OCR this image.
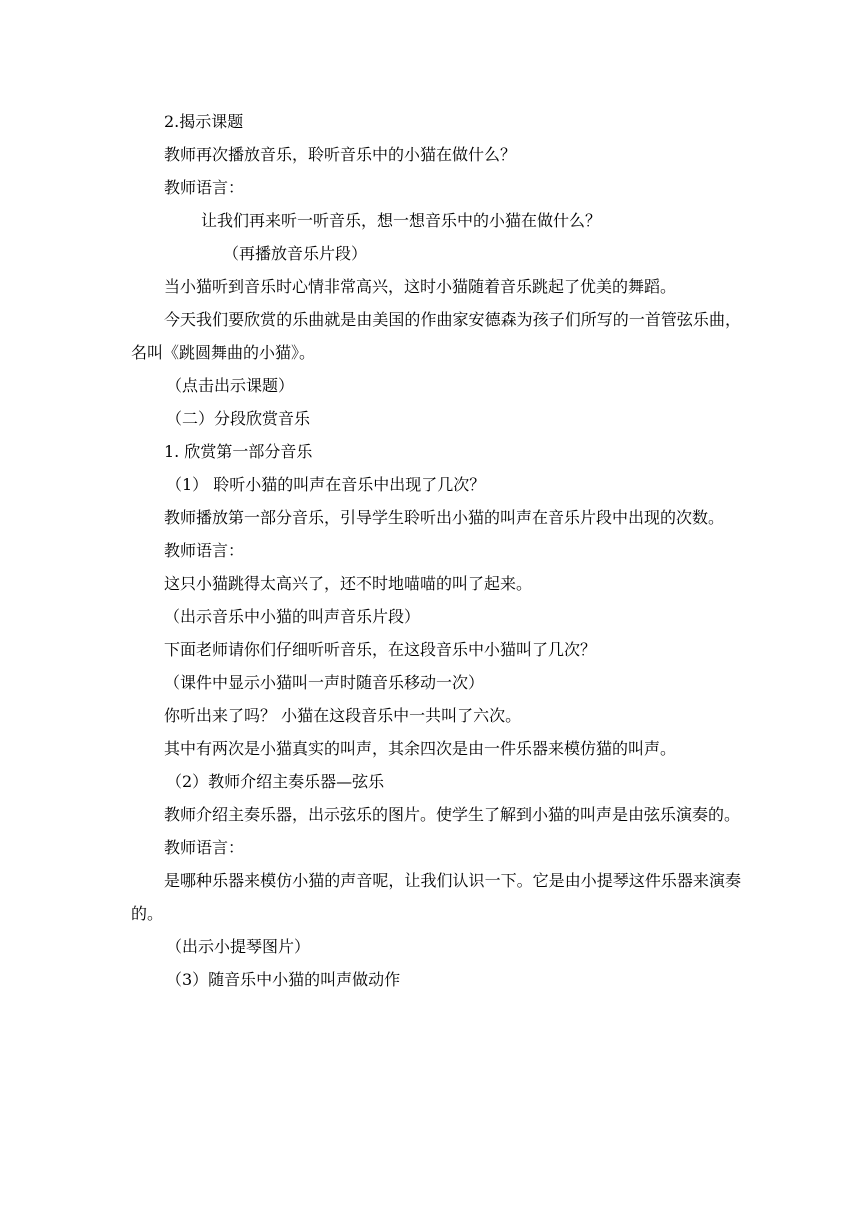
2.揭示课题
教师再次播放音乐，聆听音乐中的小猫在做什么？
教师语言：
让我们再来听一听音乐，想一想音乐中的小猫在做什么？
（再播放音乐片段）
当小猫听到音乐时心情非常高兴，这时小猫随着音乐跳起了优美的舞蹈。
今天我们要欣赏的乐曲就是由美国的作曲家安德森为孩子们所写的一首管弦乐曲，名叫《跳圆舞曲的小猫》。
（点击出示课题）
（二）分段欣赏音乐
1. 欣赏第一部分音乐
（1） 聆听小猫的叫声在音乐中出现了几次？
教师播放第一部分音乐，引导学生聆听出小猫的叫声在音乐片段中出现的次数。
教师语言：
这只小猫跳得太高兴了，还不时地喵喵的叫了起来。
（出示音乐中小猫的叫声音乐片段）
下面老师请你们仔细听听音乐，在这段音乐中小猫叫了几次？
（课件中显示小猫叫一声时随音乐移动一次）
你听出来了吗？ 小猫在这段音乐中一共叫了六次。
其中有两次是小猫真实的叫声，其余四次是由一件乐器来模仿猫的叫声。
（2）教师介绍主奏乐器—弦乐
教师介绍主奏乐器，出示弦乐的图片。使学生了解到小猫的叫声是由弦乐演奏的。
教师语言：
是哪种乐器来模仿小猫的声音呢，让我们认识一下。它是由小提琴这件乐器来演奏的。
（出示小提琴图片）
（3）随音乐中小猫的叫声做动作
